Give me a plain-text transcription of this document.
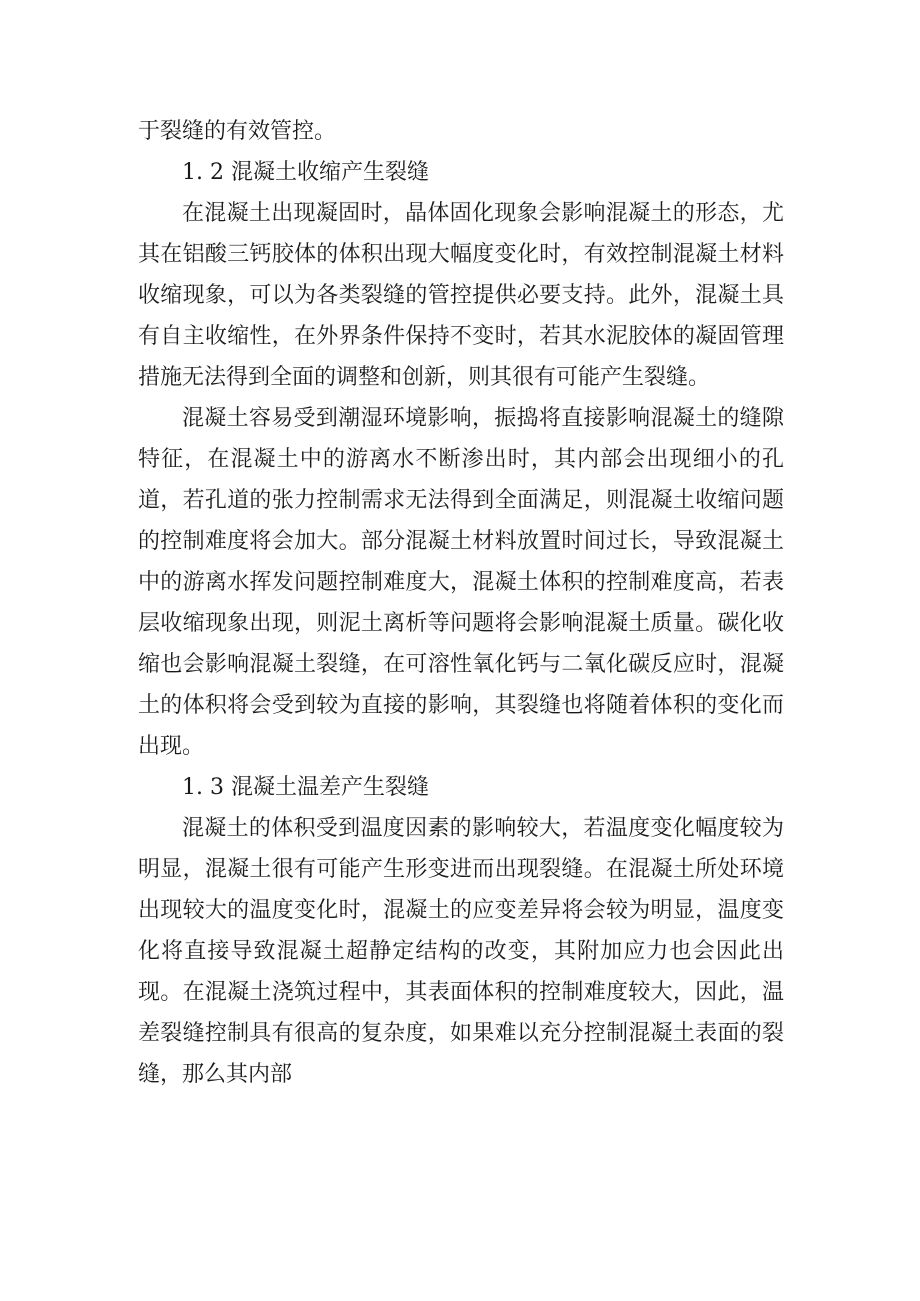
于裂缝的有效管控。

1. 2 混凝土收缩产生裂缝

在混凝土出现凝固时，晶体固化现象会影响混凝土的形态，尤其在铝酸三钙胶体的体积出现大幅度变化时，有效控制混凝土材料收缩现象，可以为各类裂缝的管控提供必要支持。此外，混凝土具有自主收缩性，在外界条件保持不变时，若其水泥胶体的凝固管理措施无法得到全面的调整和创新，则其很有可能产生裂缝。

混凝土容易受到潮湿环境影响，振捣将直接影响混凝土的缝隙特征，在混凝土中的游离水不断渗出时，其内部会出现细小的孔道，若孔道的张力控制需求无法得到全面满足，则混凝土收缩问题的控制难度将会加大。部分混凝土材料放置时间过长，导致混凝土中的游离水挥发问题控制难度大，混凝土体积的控制难度高，若表层收缩现象出现，则泥土离析等问题将会影响混凝土质量。碳化收缩也会影响混凝土裂缝，在可溶性氧化钙与二氧化碳反应时，混凝土的体积将会受到较为直接的影响，其裂缝也将随着体积的变化而出现。

1. 3 混凝土温差产生裂缝

混凝土的体积受到温度因素的影响较大，若温度变化幅度较为明显，混凝土很有可能产生形变进而出现裂缝。在混凝土所处环境出现较大的温度变化时，混凝土的应变差异将会较为明显，温度变化将直接导致混凝土超静定结构的改变，其附加应力也会因此出现。在混凝土浇筑过程中，其表面体积的控制难度较大，因此，温差裂缝控制具有很高的复杂度，如果难以充分控制混凝土表面的裂缝，那么其内部
